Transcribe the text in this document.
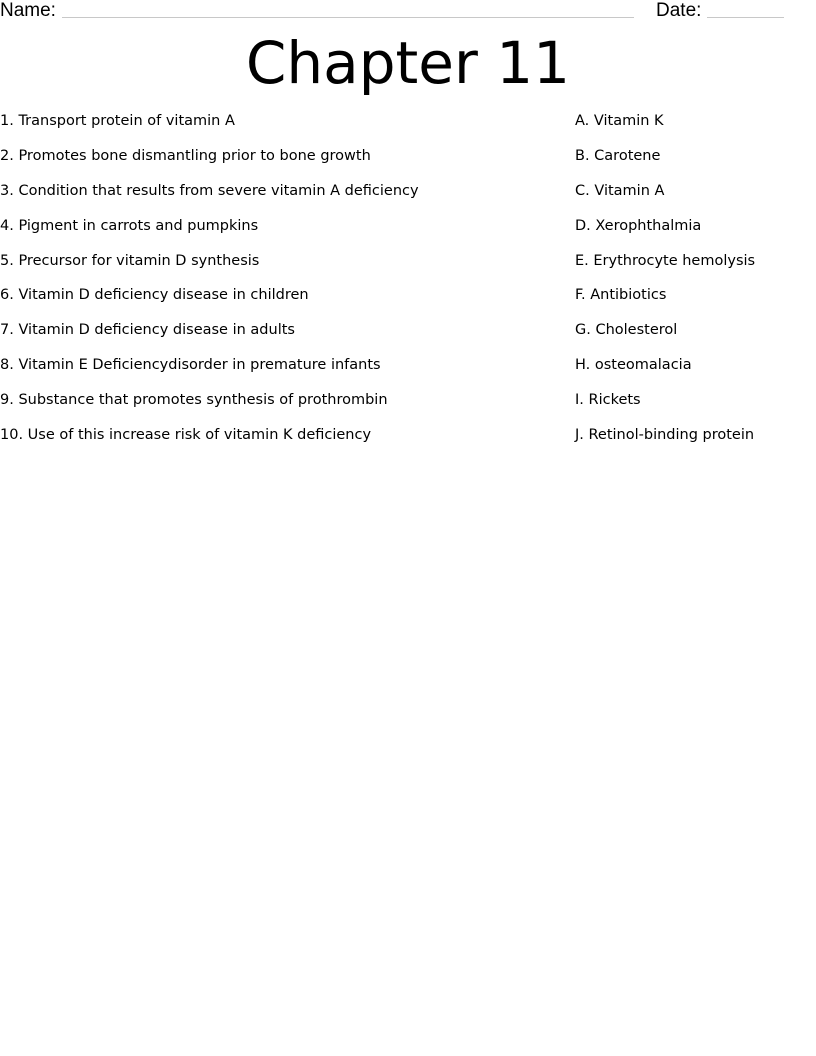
Name:	Date:
Chapter 11
1. Transport protein of vitamin A
2. Promotes bone dismantling prior to bone growth
3. Condition that results from severe vitamin A deficiency
4. Pigment in carrots and pumpkins
5. Precursor for vitamin D synthesis
6. Vitamin D deficiency disease in children
7. Vitamin D deficiency disease in adults
8. Vitamin E Deficiencydisorder in premature infants
9. Substance that promotes synthesis of prothrombin
10. Use of this increase risk of vitamin K deficiency
A. Vitamin K
B. Carotene
C. Vitamin A
D. Xerophthalmia
E. Erythrocyte hemolysis
F. Antibiotics
G. Cholesterol
H. osteomalacia
I. Rickets
J. Retinol-binding protein
